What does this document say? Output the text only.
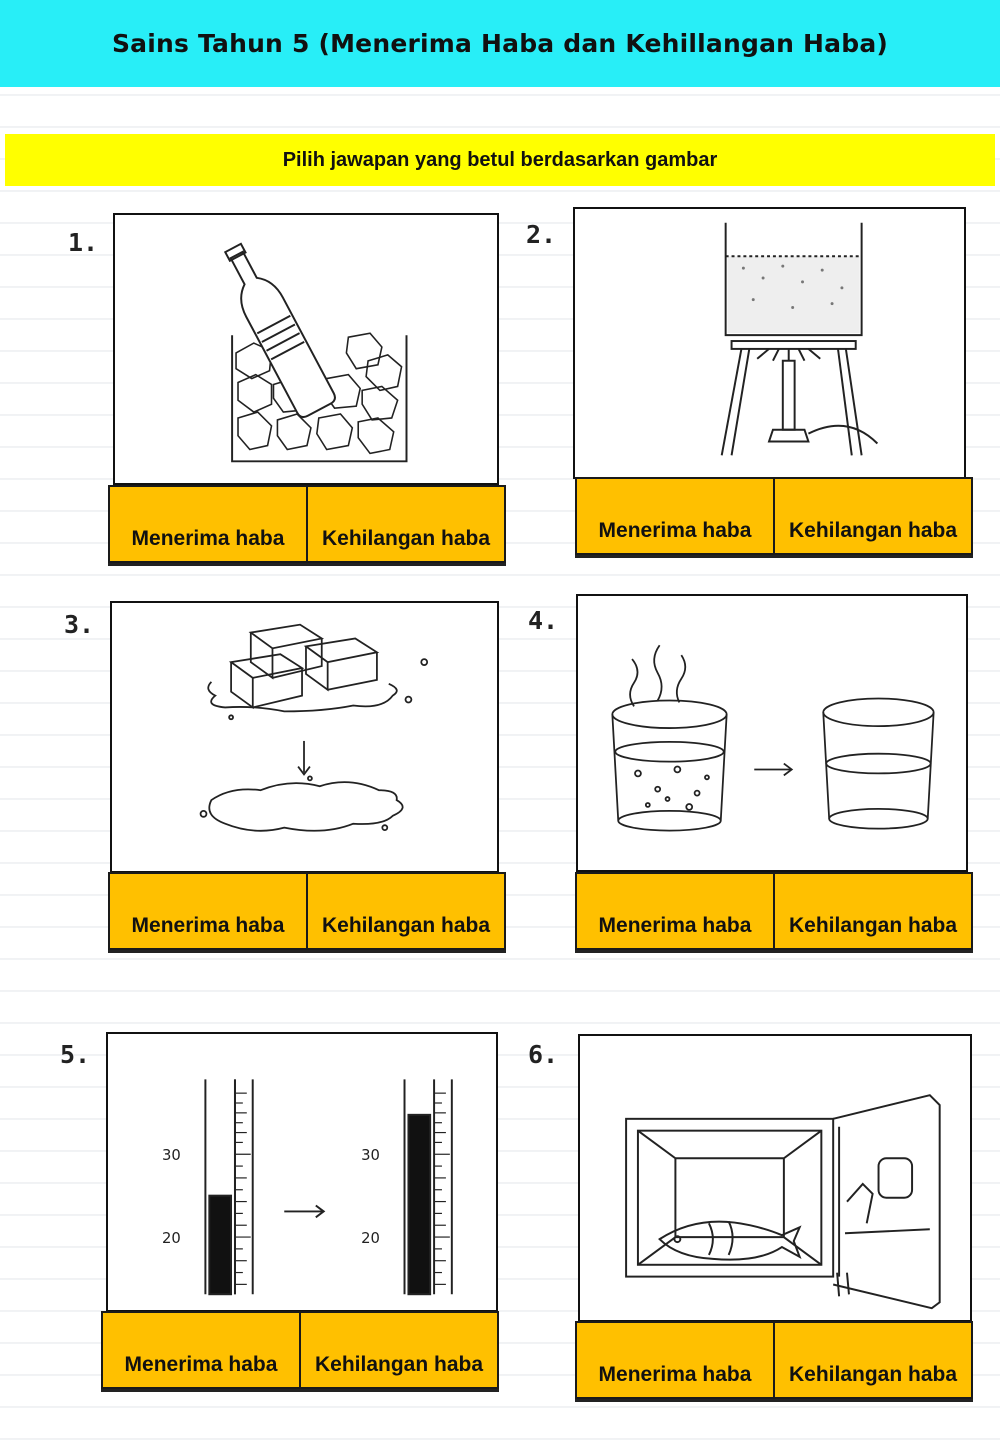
Sains Tahun 5 (Menerima Haba dan Kehillangan Haba)
Pilih jawapan yang betul berdasarkan gambar
1.
Menerima haba	Kehilangan haba
2.
Menerima haba	Kehilangan haba
3.
Menerima haba	Kehilangan haba
4.
Menerima haba	Kehilangan haba
5.
30
20
30
20
Menerima haba	Kehilangan haba
6.
Menerima haba	Kehilangan haba
